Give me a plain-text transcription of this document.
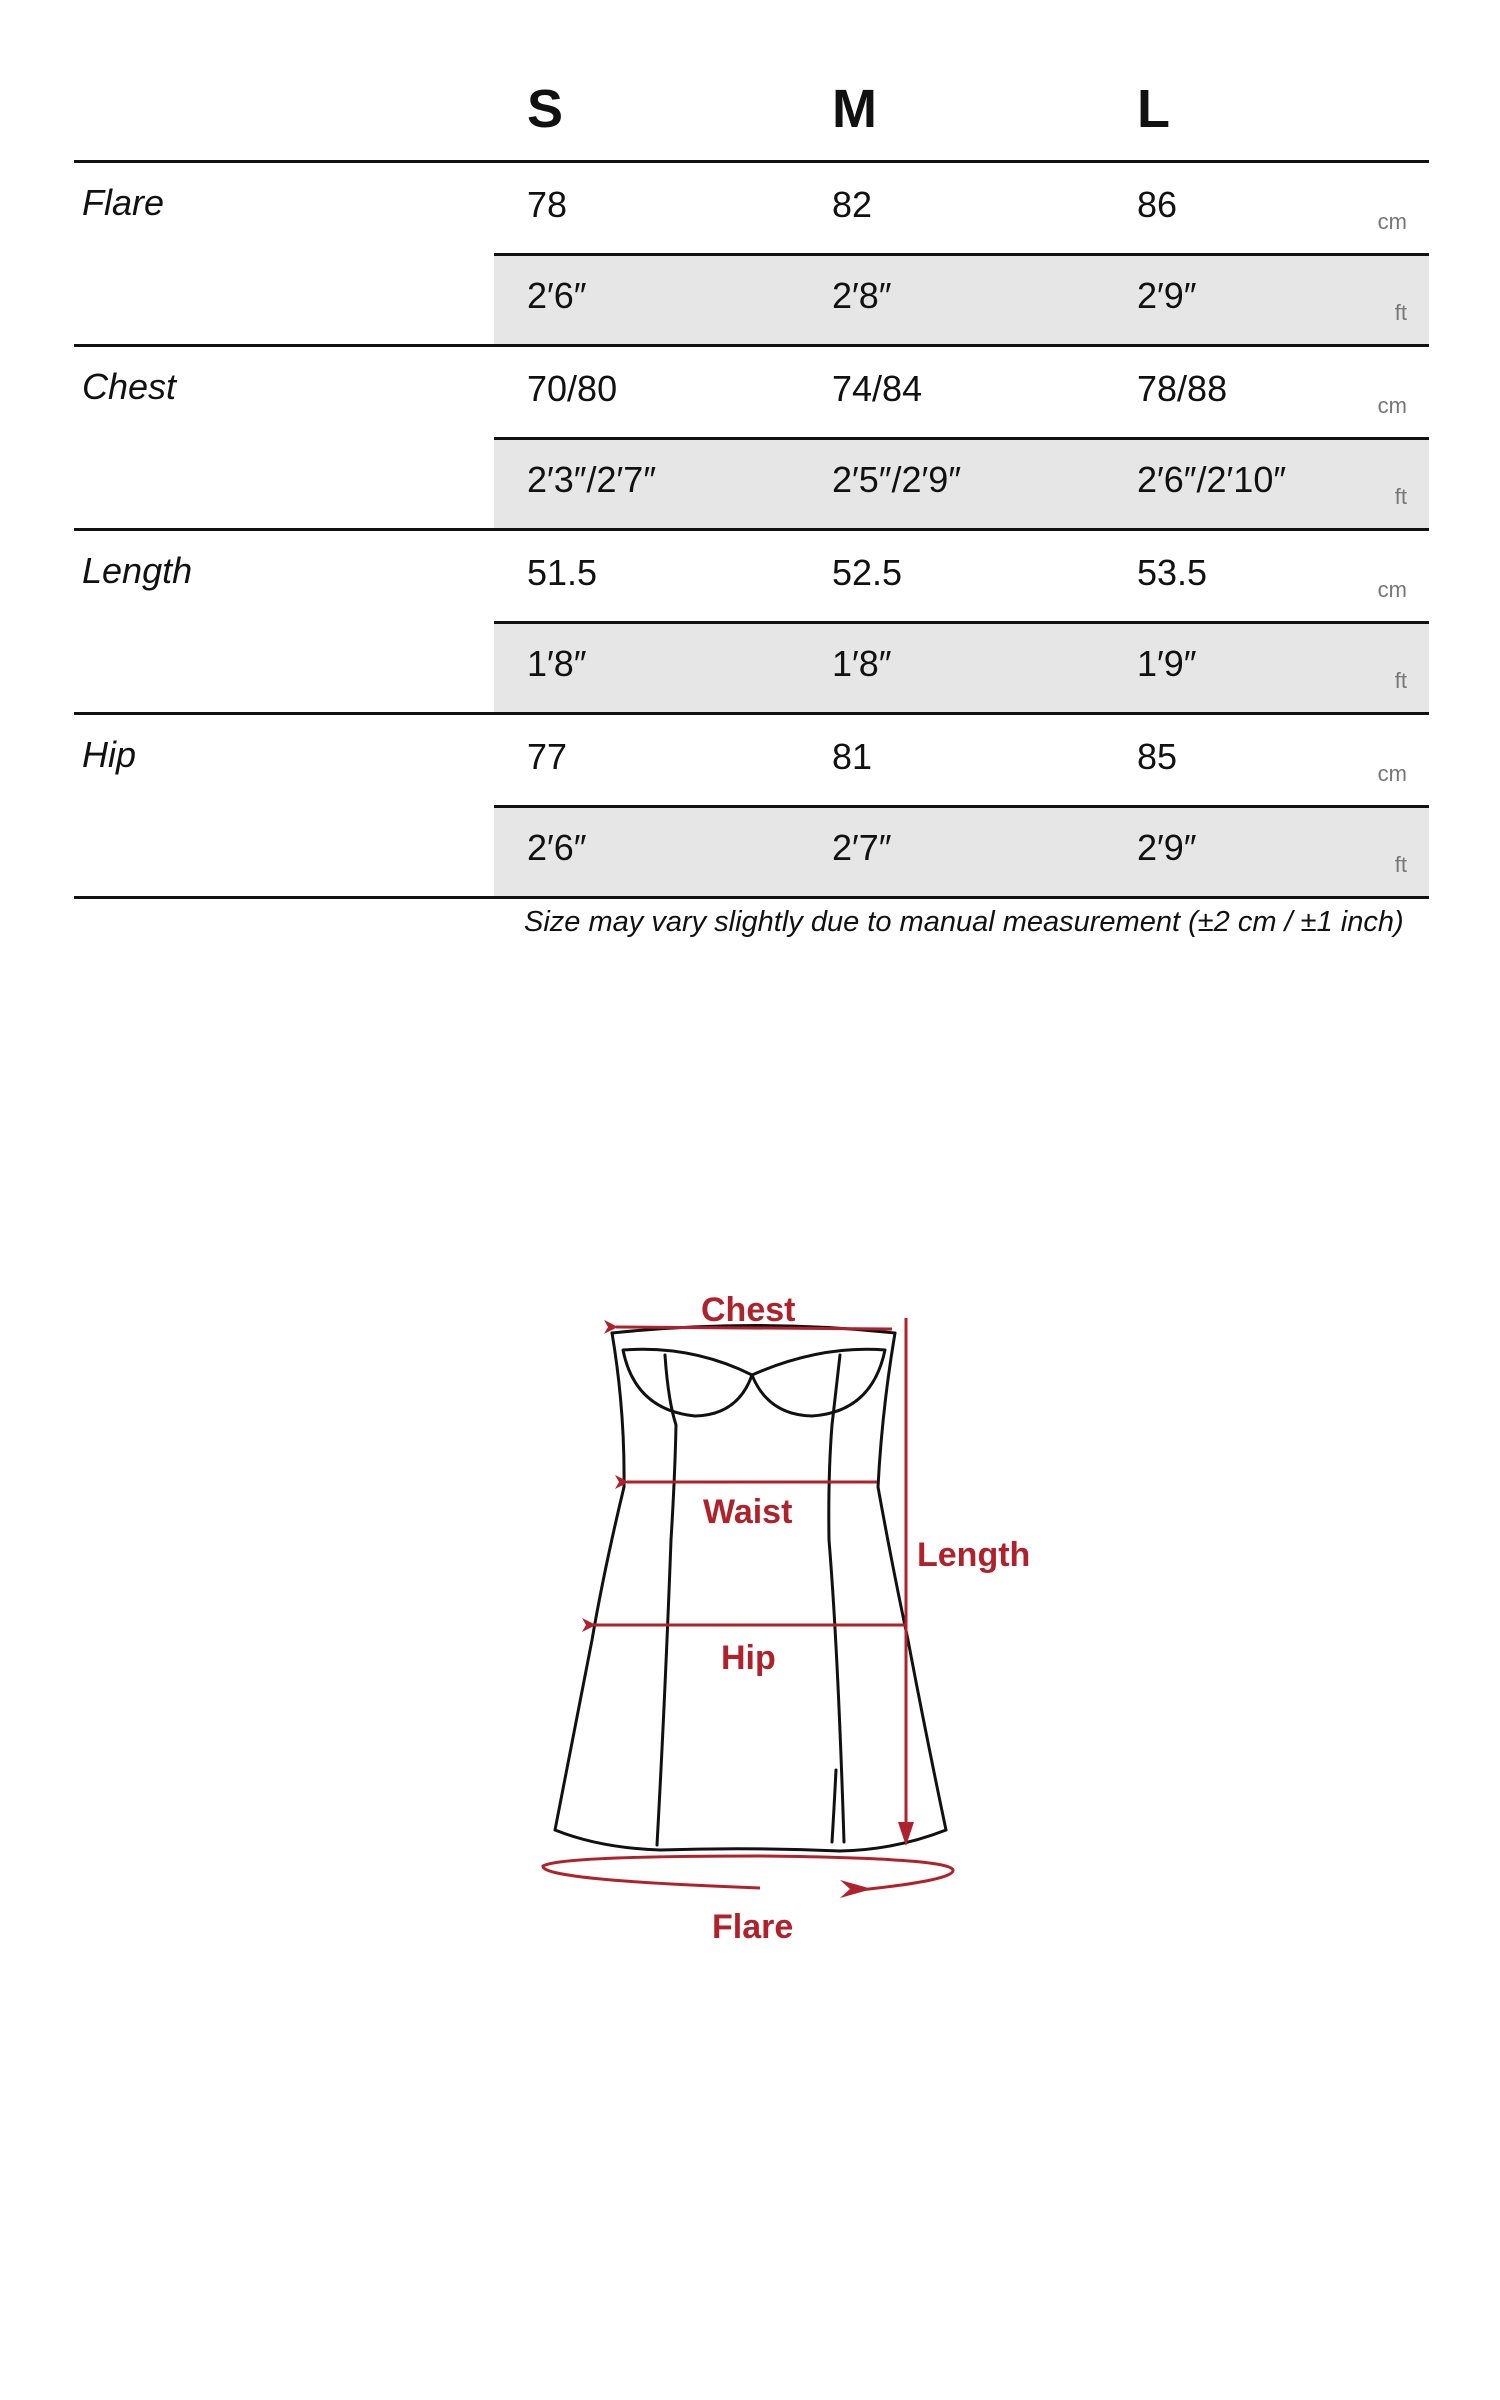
S	M	L
Flare	78	82	86	cm
2′6″	2′8″	2′9″	ft
Chest	70/80	74/84	78/88	cm
2′3″/2′7″	2′5″/2′9″	2′6″/2′10″	ft
Length	51.5	52.5	53.5	cm
1′8″	1′8″	1′9″	ft
Hip	77	81	85	cm
2′6″	2′7″	2′9″	ft
Size may vary slightly due to manual measurement (±2 cm / ±1 inch)
Chest
Waist
Length
Hip
Flare
